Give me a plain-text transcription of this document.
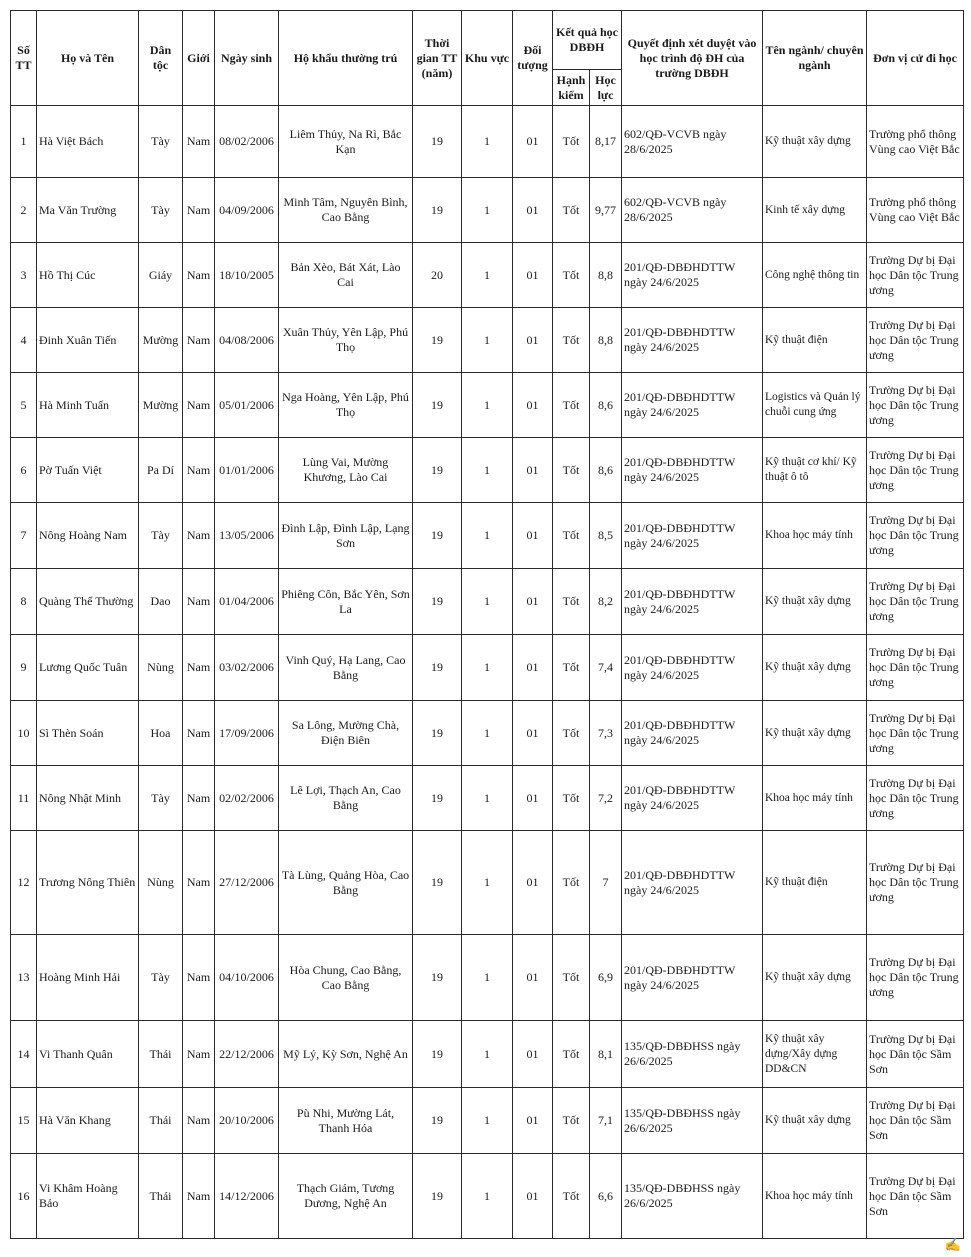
Số TT	Họ và Tên	Dân tộc	Giới	Ngày sinh	Hộ khẩu thường trú	Thời gian TT (năm)	Khu vực	Đối tượng	Kết quả học DBĐH		Quyết định xét duyệt vào học trình độ ĐH của trường DBĐH	Tên ngành/ chuyên ngành	Đơn vị cử đi học
									Hạnh kiểm	Học lực			
1	Hà Việt Bách	Tày	Nam	08/02/2006	Liêm Thủy, Na Rì, Bắc Kạn	19	1	01	Tốt	8,17	602/QĐ-VCVB ngày 28/6/2025	Kỹ thuật xây dựng	Trường phổ thông Vùng cao Việt Bắc
2	Ma Văn Trường	Tày	Nam	04/09/2006	Minh Tâm, Nguyên Bình, Cao Bằng	19	1	01	Tốt	9,77	602/QĐ-VCVB ngày 28/6/2025	Kinh tế xây dựng	Trường phổ thông Vùng cao Việt Bắc
3	Hồ Thị Cúc	Giáy	Nam	18/10/2005	Bản Xèo, Bát Xát, Lào Cai	20	1	01	Tốt	8,8	201/QĐ-DBĐHDTTW ngày 24/6/2025	Công nghệ thông tin	Trường Dự bị Đại học Dân tộc Trung ương
4	Đinh Xuân Tiến	Mường	Nam	04/08/2006	Xuân Thủy, Yên Lập, Phú Thọ	19	1	01	Tốt	8,8	201/QĐ-DBĐHDTTW ngày 24/6/2025	Kỹ thuật điện	Trường Dự bị Đại học Dân tộc Trung ương
5	Hà Minh Tuấn	Mường	Nam	05/01/2006	Nga Hoàng, Yên Lập, Phú Thọ	19	1	01	Tốt	8,6	201/QĐ-DBĐHDTTW ngày 24/6/2025	Logistics và Quản lý chuỗi cung ứng	Trường Dự bị Đại học Dân tộc Trung ương
6	Pờ Tuấn Việt	Pa Dí	Nam	01/01/2006	Lùng Vai, Mường Khương, Lào Cai	19	1	01	Tốt	8,6	201/QĐ-DBĐHDTTW ngày 24/6/2025	Kỹ thuật cơ khí/ Kỹ thuật ô tô	Trường Dự bị Đại học Dân tộc Trung ương
7	Nông Hoàng Nam	Tày	Nam	13/05/2006	Đình Lập, Đình Lập, Lạng Sơn	19	1	01	Tốt	8,5	201/QĐ-DBĐHDTTW ngày 24/6/2025	Khoa học máy tính	Trường Dự bị Đại học Dân tộc Trung ương
8	Quàng Thế Thường	Dao	Nam	01/04/2006	Phiêng Côn, Bắc Yên, Sơn La	19	1	01	Tốt	8,2	201/QĐ-DBĐHDTTW ngày 24/6/2025	Kỹ thuật xây dựng	Trường Dự bị Đại học Dân tộc Trung ương
9	Lương Quốc Tuân	Nùng	Nam	03/02/2006	Vinh Quý, Hạ Lang, Cao Bằng	19	1	01	Tốt	7,4	201/QĐ-DBĐHDTTW ngày 24/6/2025	Kỹ thuật xây dựng	Trường Dự bị Đại học Dân tộc Trung ương
10	Sì Thèn Soán	Hoa	Nam	17/09/2006	Sa Lông, Mường Chà, Điện Biên	19	1	01	Tốt	7,3	201/QĐ-DBĐHDTTW ngày 24/6/2025	Kỹ thuật xây dựng	Trường Dự bị Đại học Dân tộc Trung ương
11	Nông Nhật Minh	Tày	Nam	02/02/2006	Lê Lợi, Thạch An, Cao Bằng	19	1	01	Tốt	7,2	201/QĐ-DBĐHDTTW ngày 24/6/2025	Khoa học máy tính	Trường Dự bị Đại học Dân tộc Trung ương
12	Trương Nông Thiên	Nùng	Nam	27/12/2006	Tà Lùng, Quảng Hòa, Cao Bằng	19	1	01	Tốt	7	201/QĐ-DBĐHDTTW ngày 24/6/2025	Kỹ thuật điện	Trường Dự bị Đại học Dân tộc Trung ương
13	Hoàng Minh Hải	Tày	Nam	04/10/2006	Hòa Chung, Cao Bằng, Cao Bằng	19	1	01	Tốt	6,9	201/QĐ-DBĐHDTTW ngày 24/6/2025	Kỹ thuật xây dựng	Trường Dự bị Đại học Dân tộc Trung ương
14	Vi Thanh Quân	Thái	Nam	22/12/2006	Mỹ Lý, Kỳ Sơn, Nghệ An	19	1	01	Tốt	8,1	135/QĐ-DBĐHSS ngày 26/6/2025	Kỹ thuật xây dựng/Xây dựng DD&CN	Trường Dự bị Đại học Dân tộc Sầm Sơn
15	Hà Văn Khang	Thái	Nam	20/10/2006	Pù Nhi, Mường Lát, Thanh Hóa	19	1	01	Tốt	7,1	135/QĐ-DBĐHSS ngày 26/6/2025	Kỹ thuật xây dựng	Trường Dự bị Đại học Dân tộc Sầm Sơn
16	Vi Khâm Hoàng Bảo	Thái	Nam	14/12/2006	Thạch Giám, Tương Dương, Nghệ An	19	1	01	Tốt	6,6	135/QĐ-DBĐHSS ngày 26/6/2025	Khoa học máy tính	Trường Dự bị Đại học Dân tộc Sầm Sơn
✍
